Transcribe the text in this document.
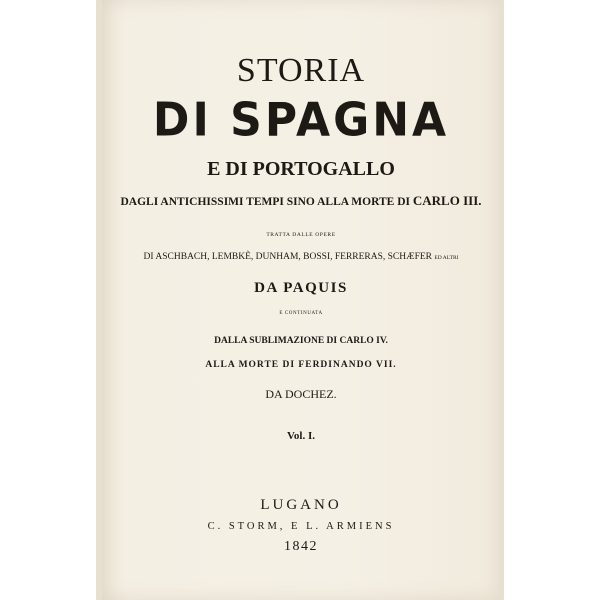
STORIA
DI SPAGNA
E DI PORTOGALLO
DAGLI ANTICHISSIMI TEMPI SINO ALLA MORTE DI CARLO III.
TRATTA DALLE OPERE
DI ASCHBACH, LEMBKÈ, DUNHAM, BOSSI, FERRERAS, SCHÆFER ED ALTRI
DA PAQUIS
E CONTINUATA
DALLA SUBLIMAZIONE DI CARLO IV.
ALLA MORTE DI FERDINANDO VII.
DA DOCHEZ.
Vol. I.
LUGANO
C. STORM, E L. ARMIENS
1842
